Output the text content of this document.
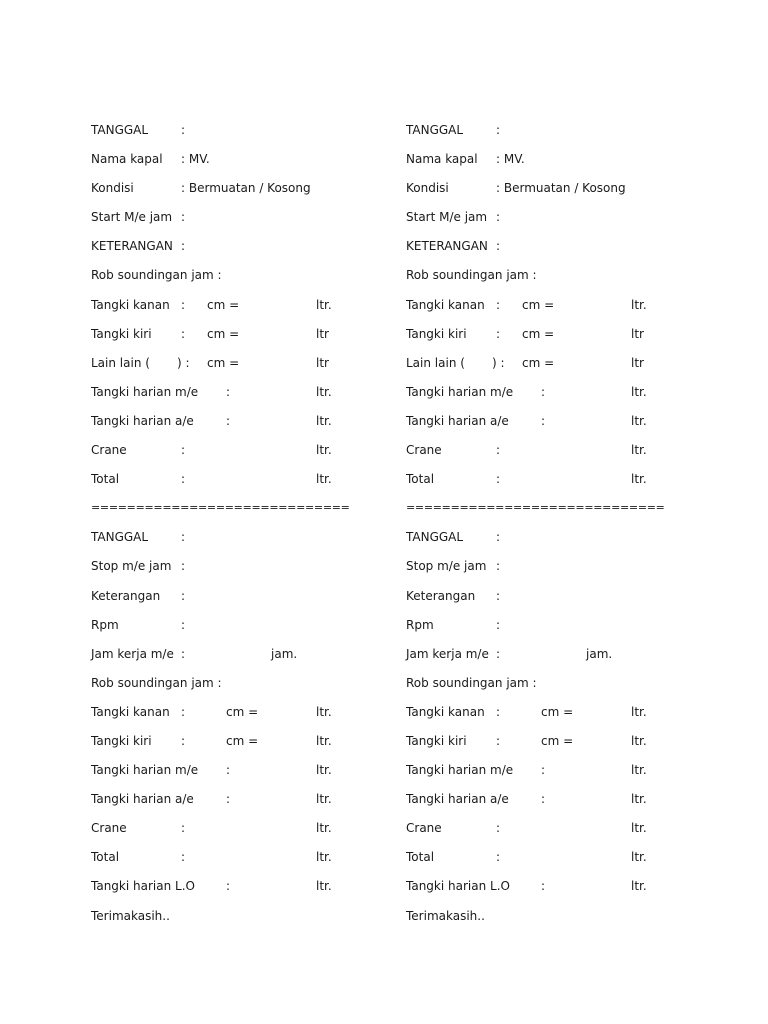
TANGGAL	:
Nama kapal : MV.
Kondisi	: Bermuatan / Kosong
Start M/e jam :
KETERANGAN :
Rob soundingan jam :
Tangki kanan : cm =	ltr.
Tangki kiri : cm =	ltr
Lain lain ( ) : cm =	ltr
Tangki harian m/e :	ltr.
Tangki harian a/e	:	ltr.
Crane	:	ltr.
Total	:	ltr.
=============================
TANGGAL	:
Stop m/e jam :
Keterangan :
Rpm	:
Jam kerja m/e :	jam.
Rob soundingan jam :
Tangki kanan :	cm =	ltr.
Tangki kiri :	cm =	ltr.
Tangki harian m/e :	ltr.
Tangki harian a/e	:	ltr.
Crane	:	ltr.
Total	:	ltr.
Tangki harian L.O	:	ltr.
Terimakasih..
TANGGAL	:
Nama kapal : MV.
Kondisi	: Bermuatan / Kosong
Start M/e jam :
KETERANGAN :
Rob soundingan jam :
Tangki kanan : cm =	ltr.
Tangki kiri : cm =	ltr
Lain lain ( ) : cm =	ltr
Tangki harian m/e :	ltr.
Tangki harian a/e	:	ltr.
Crane	:	ltr.
Total	:	ltr.
=============================
TANGGAL	:
Stop m/e jam :
Keterangan :
Rpm	:
Jam kerja m/e :	jam.
Rob soundingan jam :
Tangki kanan :	cm =	ltr.
Tangki kiri :	cm =	ltr.
Tangki harian m/e :	ltr.
Tangki harian a/e	:	ltr.
Crane	:	ltr.
Total	:	ltr.
Tangki harian L.O	:	ltr.
Terimakasih..
